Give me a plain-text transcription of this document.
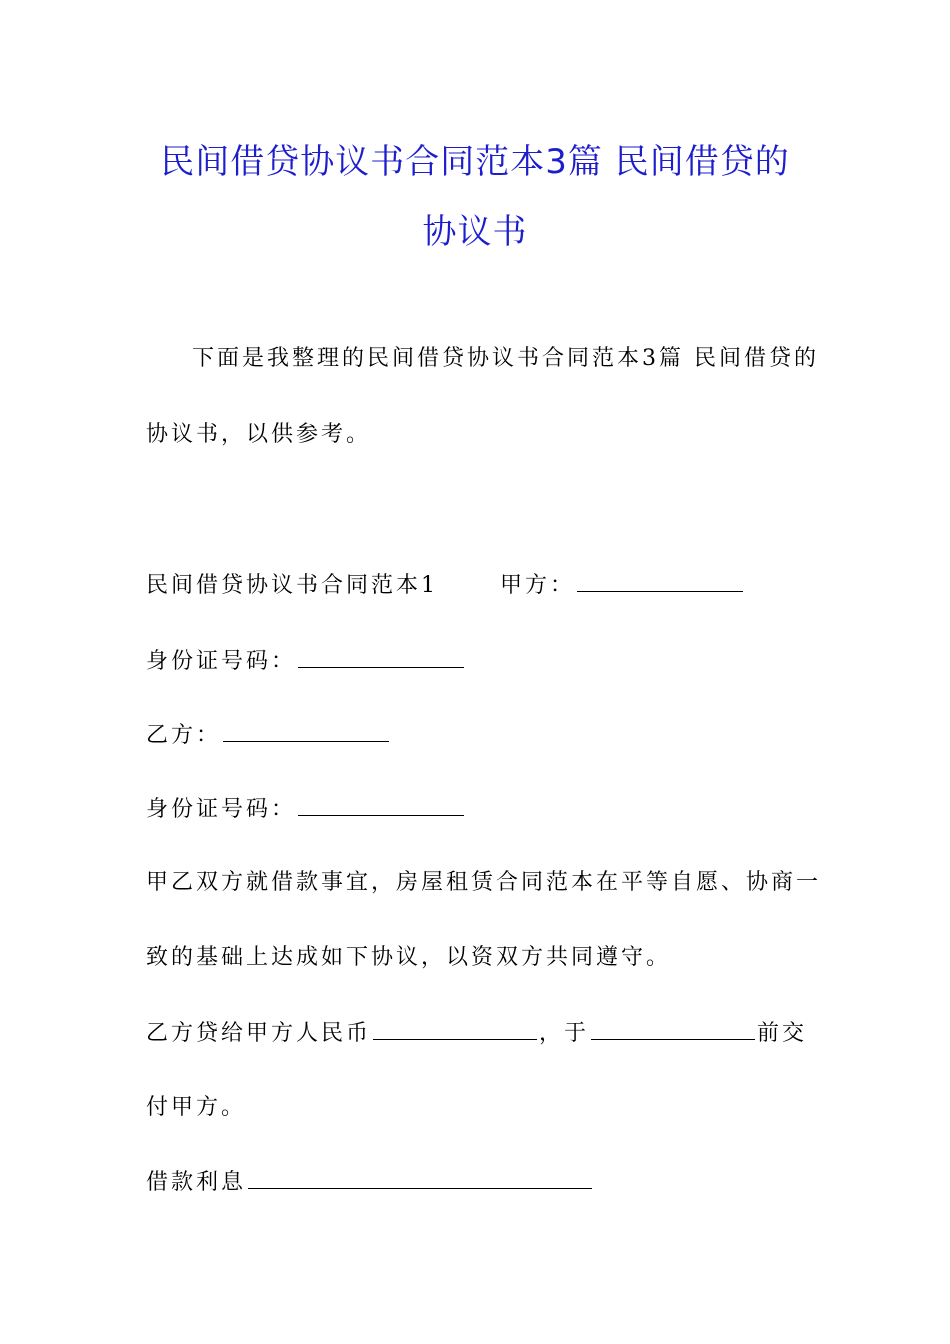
民间借贷协议书合同范本3篇 民间借贷的
协议书
下面是我整理的民间借贷协议书合同范本3篇 民间借贷的
协议书，以供参考。
民间借贷协议书合同范本1	甲方：
身份证号码：
乙方：
身份证号码：
甲乙双方就借款事宜，房屋租赁合同范本在平等自愿、协商一
致的基础上达成如下协议，以资双方共同遵守。
乙方贷给甲方人民币	，于	前交
付甲方。
借款利息
